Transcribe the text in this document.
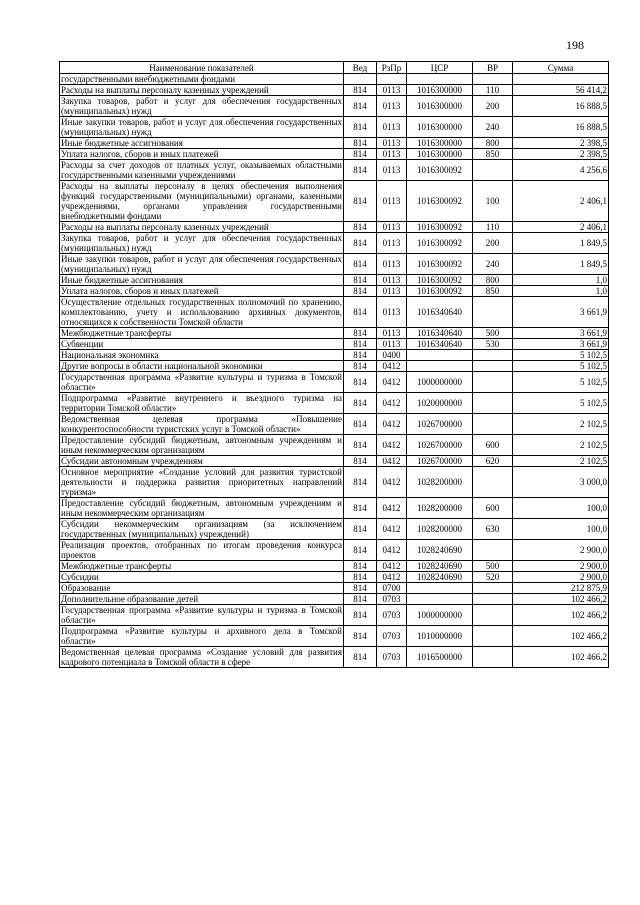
198
Наименование показателей	Вед	РзПр	ЦСР	ВР	Сумма
государственными внебюджетными фондами					
Расходы на выплаты персоналу казенных учреждений	814	0113	1016300000	110	56 414,2
Закупка товаров, работ и услуг для обеспечения государственных (муниципальных) нужд	814	0113	1016300000	200	16 888,5
Иные закупки товаров, работ и услуг для обеспечения государственных (муниципальных) нужд	814	0113	1016300000	240	16 888,5
Иные бюджетные ассигнования	814	0113	1016300000	800	2 398,5
Уплата налогов, сборов и иных платежей	814	0113	1016300000	850	2 398,5
Расходы за счет доходов от платных услуг, оказываемых областными государственными казенными учреждениями	814	0113	1016300092		4 256,6
Расходы на выплаты персоналу в целях обеспечения выполнения функций государственными (муниципальными) органами, казенными учреждениями, органами управления государственными внебюджетными фондами	814	0113	1016300092	100	2 406,1
Расходы на выплаты персоналу казенных учреждений	814	0113	1016300092	110	2 406,1
Закупка товаров, работ и услуг для обеспечения государственных (муниципальных) нужд	814	0113	1016300092	200	1 849,5
Иные закупки товаров, работ и услуг для обеспечения государственных (муниципальных) нужд	814	0113	1016300092	240	1 849,5
Иные бюджетные ассигнования	814	0113	1016300092	800	1,0
Уплата налогов, сборов и иных платежей	814	0113	1016300092	850	1,0
Осуществление отдельных государственных полномочий по хранению, комплектованию, учету и использованию архивных документов, относящихся к собственности Томской области	814	0113	1016340640		3 661,9
Межбюджетные трансферты	814	0113	1016340640	500	3 661,9
Субвенции	814	0113	1016340640	530	3 661,9
Национальная экономика	814	0400			5 102,5
Другие вопросы в области национальной экономики	814	0412			5 102,5
Государственная программа «Развитие культуры и туризма в Томской области»	814	0412	1000000000		5 102,5
Подпрограмма «Развитие внутреннего и въездного туризма на территории Томской области»	814	0412	1020000000		5 102,5
Ведомственная целевая программа «Повышение конкурентоспособности туристских услуг в Томской области»	814	0412	1026700000		2 102,5
Предоставление субсидий бюджетным, автономным учреждениям и иным некоммерческим организациям	814	0412	1026700000	600	2 102,5
Субсидии автономным учреждениям	814	0412	1026700000	620	2 102,5
Основное мероприятие «Создание условий для развития туристской деятельности и поддержка развития приоритетных направлений туризма»	814	0412	1028200000		3 000,0
Предоставление субсидий бюджетным, автономным учреждениям и иным некоммерческим организациям	814	0412	1028200000	600	100,0
Субсидии некоммерческим организациям (за исключением государственных (муниципальных) учреждений)	814	0412	1028200000	630	100,0
Реализация проектов, отобранных по итогам проведения конкурса проектов	814	0412	1028240690		2 900,0
Межбюджетные трансферты	814	0412	1028240690	500	2 900,0
Субсидии	814	0412	1028240690	520	2 900,0
Образование	814	0700			212 875,9
Дополнительное образование детей	814	0703			102 466,2
Государственная программа «Развитие культуры и туризма в Томской области»	814	0703	1000000000		102 466,2
Подпрограмма «Развитие культуры и архивного дела в Томской области»	814	0703	1010000000		102 466,2
Ведомственная целевая программа «Создание условий для развития кадрового потенциала в Томской области в сфере	814	0703	1016500000		102 466,2
